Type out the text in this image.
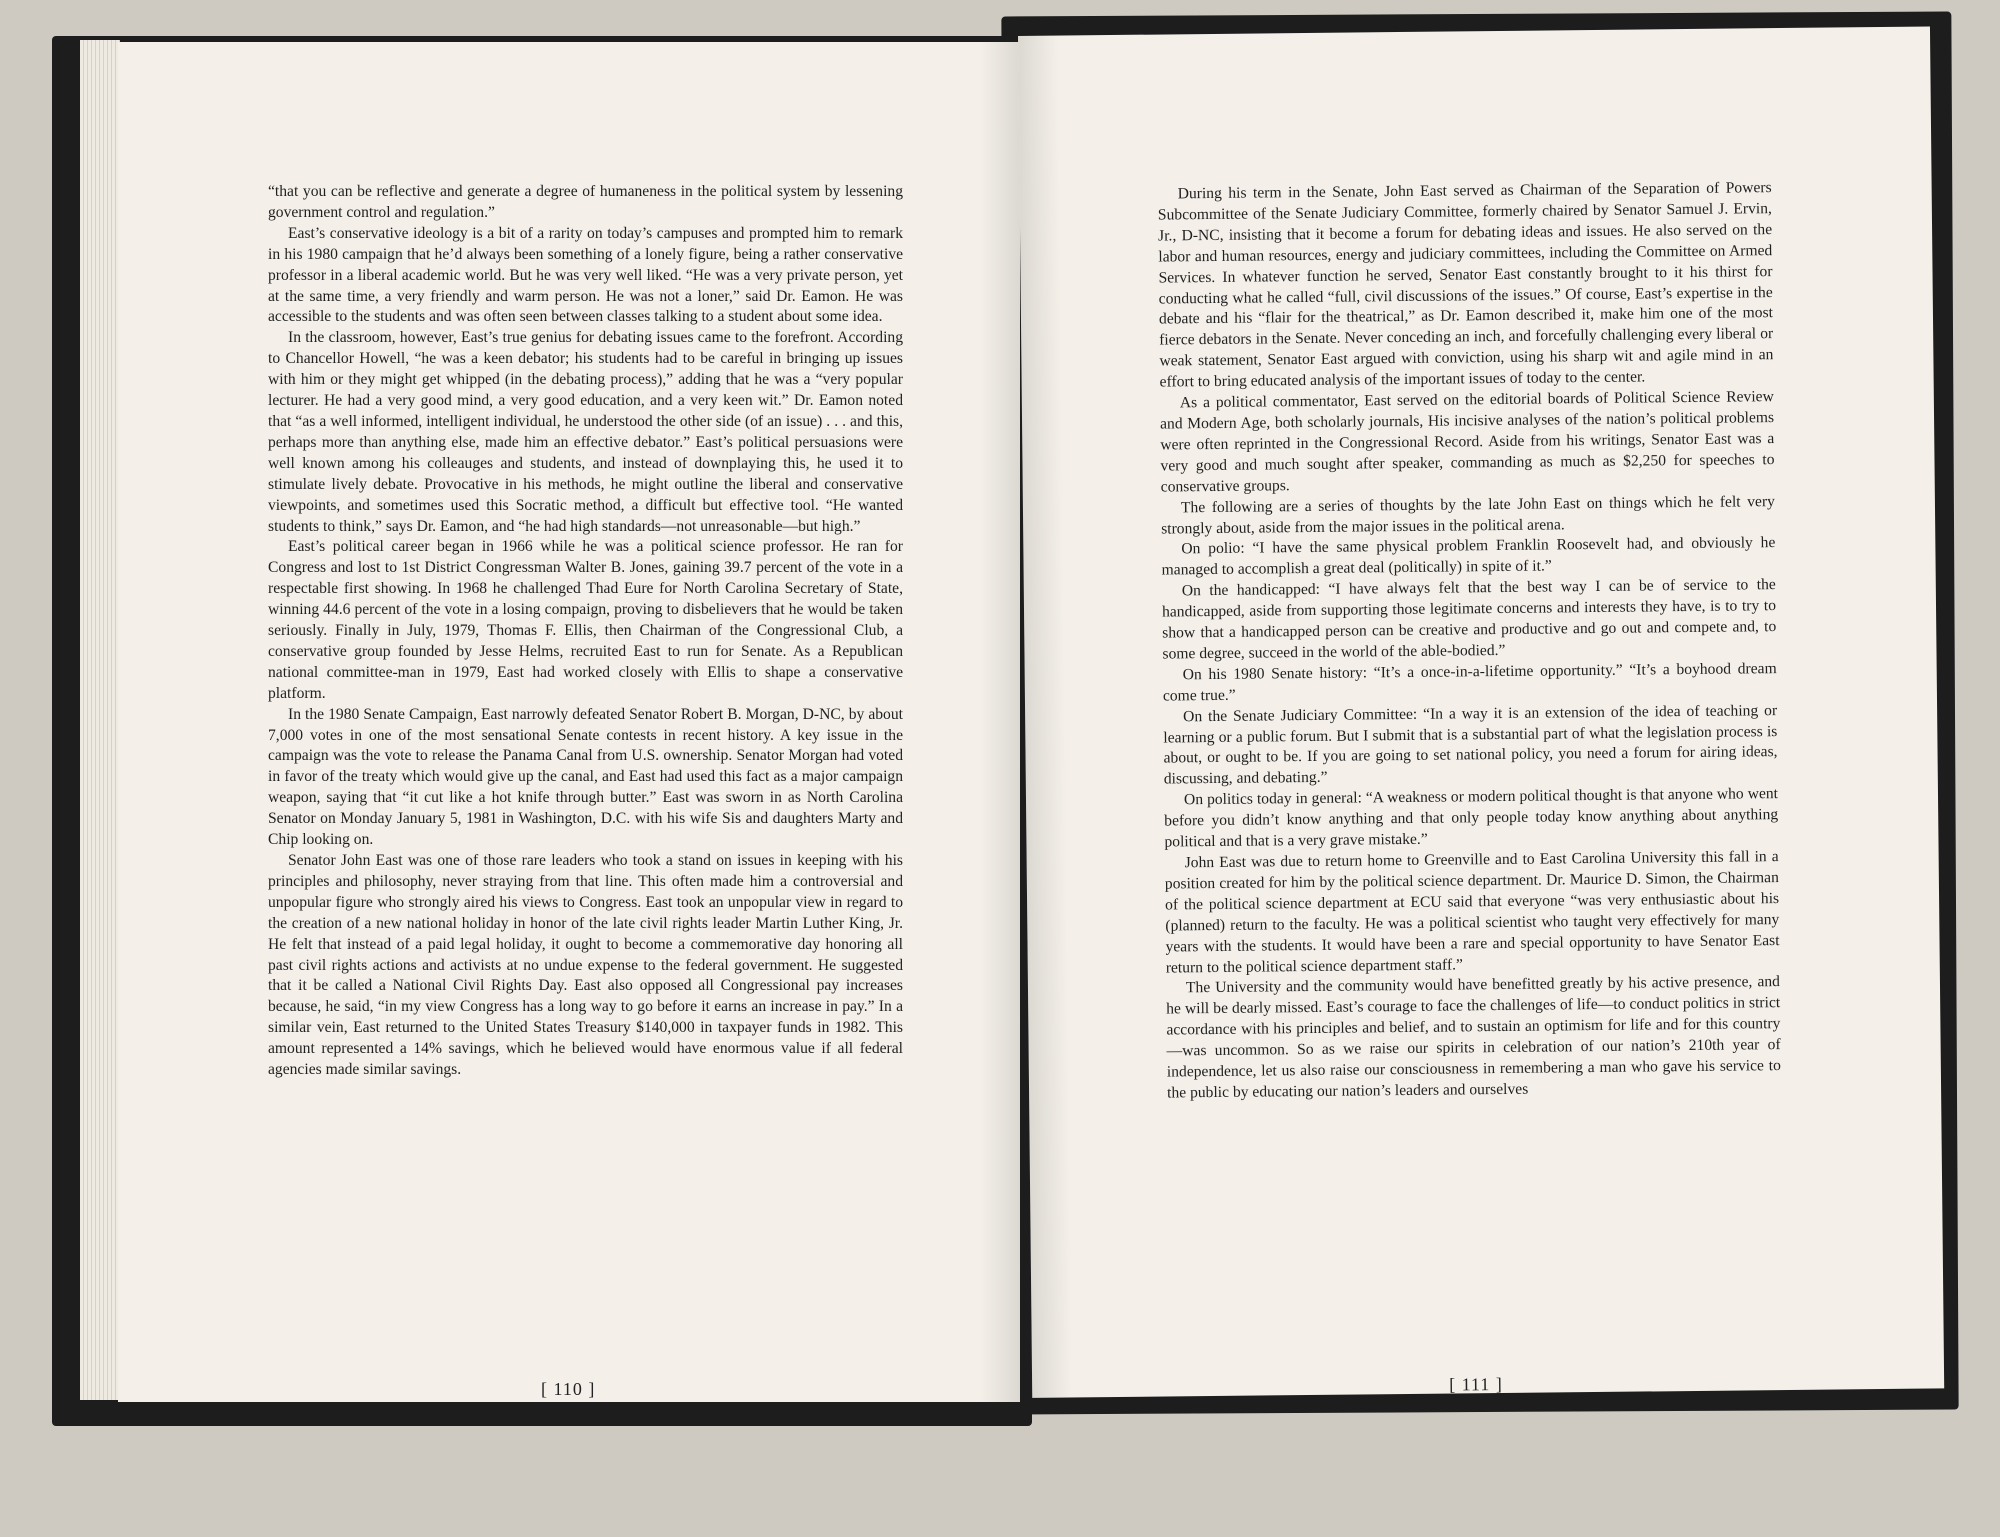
“that you can be reflective and generate a degree of humaneness in the political system by lessening government control and regulation.”

East’s conservative ideology is a bit of a rarity on today’s campuses and prompted him to remark in his 1980 campaign that he’d always been something of a lonely figure, being a rather conservative professor in a liberal academic world. But he was very well liked. “He was a very private person, yet at the same time, a very friendly and warm person. He was not a loner,” said Dr. Eamon. He was accessible to the students and was often seen between classes talking to a student about some idea.

In the classroom, however, East’s true genius for debating issues came to the forefront. According to Chancellor Howell, “he was a keen debator; his students had to be careful in bringing up issues with him or they might get whipped (in the debating process),” adding that he was a “very popular lecturer. He had a very good mind, a very good education, and a very keen wit.” Dr. Eamon noted that “as a well informed, intelligent individual, he understood the other side (of an issue) . . . and this, perhaps more than anything else, made him an effective debator.” East’s political persuasions were well known among his colleauges and students, and instead of downplaying this, he used it to stimulate lively debate. Provocative in his methods, he might outline the liberal and conservative viewpoints, and sometimes used this Socratic method, a difficult but effective tool. “He wanted students to think,” says Dr. Eamon, and “he had high standards—not unreasonable—but high.”

East’s political career began in 1966 while he was a political science professor. He ran for Congress and lost to 1st District Congressman Walter B. Jones, gaining 39.7 percent of the vote in a respectable first showing. In 1968 he challenged Thad Eure for North Carolina Secretary of State, winning 44.6 percent of the vote in a losing compaign, proving to disbelievers that he would be taken seriously. Finally in July, 1979, Thomas F. Ellis, then Chairman of the Congressional Club, a conservative group founded by Jesse Helms, recruited East to run for Senate. As a Republican national committee-man in 1979, East had worked closely with Ellis to shape a conservative platform.

In the 1980 Senate Campaign, East narrowly defeated Senator Robert B. Morgan, D-NC, by about 7,000 votes in one of the most sensational Senate contests in recent history. A key issue in the campaign was the vote to release the Panama Canal from U.S. ownership. Senator Morgan had voted in favor of the treaty which would give up the canal, and East had used this fact as a major campaign weapon, saying that “it cut like a hot knife through butter.” East was sworn in as North Carolina Senator on Monday January 5, 1981 in Washington, D.C. with his wife Sis and daughters Marty and Chip looking on.

Senator John East was one of those rare leaders who took a stand on issues in keeping with his principles and philosophy, never straying from that line. This often made him a controversial and unpopular figure who strongly aired his views to Congress. East took an unpopular view in regard to the creation of a new national holiday in honor of the late civil rights leader Martin Luther King, Jr. He felt that instead of a paid legal holiday, it ought to become a commemorative day honoring all past civil rights actions and activists at no undue expense to the federal government. He suggested that it be called a National Civil Rights Day. East also opposed all Congressional pay increases because, he said, “in my view Congress has a long way to go before it earns an increase in pay.” In a similar vein, East returned to the United States Treasury $140,000 in taxpayer funds in 1982. This amount represented a 14% savings, which he believed would have enormous value if all federal agencies made similar savings.

[ 110 ]

During his term in the Senate, John East served as Chairman of the Separation of Powers Subcommittee of the Senate Judiciary Committee, formerly chaired by Senator Samuel J. Ervin, Jr., D-NC, insisting that it become a forum for debating ideas and issues. He also served on the labor and human resources, energy and judiciary committees, including the Committee on Armed Services. In whatever function he served, Senator East constantly brought to it his thirst for conducting what he called “full, civil discussions of the issues.” Of course, East’s expertise in the debate and his “flair for the theatrical,” as Dr. Eamon described it, make him one of the most fierce debators in the Senate. Never conceding an inch, and forcefully challenging every liberal or weak statement, Senator East argued with conviction, using his sharp wit and agile mind in an effort to bring educated analysis of the important issues of today to the center.

As a political commentator, East served on the editorial boards of Political Science Review and Modern Age, both scholarly journals, His incisive analyses of the nation’s political problems were often reprinted in the Congressional Record. Aside from his writings, Senator East was a very good and much sought after speaker, commanding as much as $2,250 for speeches to conservative groups.

The following are a series of thoughts by the late John East on things which he felt very strongly about, aside from the major issues in the political arena.

On polio: “I have the same physical problem Franklin Roosevelt had, and obviously he managed to accomplish a great deal (politically) in spite of it.”

On the handicapped: “I have always felt that the best way I can be of service to the handicapped, aside from supporting those legitimate concerns and interests they have, is to try to show that a handicapped person can be creative and productive and go out and compete and, to some degree, succeed in the world of the able-bodied.”

On his 1980 Senate history: “It’s a once-in-a-lifetime opportunity.” “It’s a boyhood dream come true.”

On the Senate Judiciary Committee: “In a way it is an extension of the idea of teaching or learning or a public forum. But I submit that is a substantial part of what the legislation process is about, or ought to be. If you are going to set national policy, you need a forum for airing ideas, discussing, and debating.”

On politics today in general: “A weakness or modern political thought is that anyone who went before you didn’t know anything and that only people today know anything about anything political and that is a very grave mistake.”

John East was due to return home to Greenville and to East Carolina University this fall in a position created for him by the political science department. Dr. Maurice D. Simon, the Chairman of the political science department at ECU said that everyone “was very enthusiastic about his (planned) return to the faculty. He was a political scientist who taught very effectively for many years with the students. It would have been a rare and special opportunity to have Senator East return to the political science department staff.”

The University and the community would have benefitted greatly by his active presence, and he will be dearly missed. East’s courage to face the challenges of life—to conduct politics in strict accordance with his principles and belief, and to sustain an optimism for life and for this country—was uncommon. So as we raise our spirits in celebration of our nation’s 210th year of independence, let us also raise our consciousness in remembering a man who gave his service to the public by educating our nation’s leaders and ourselves

[ 111 ]
